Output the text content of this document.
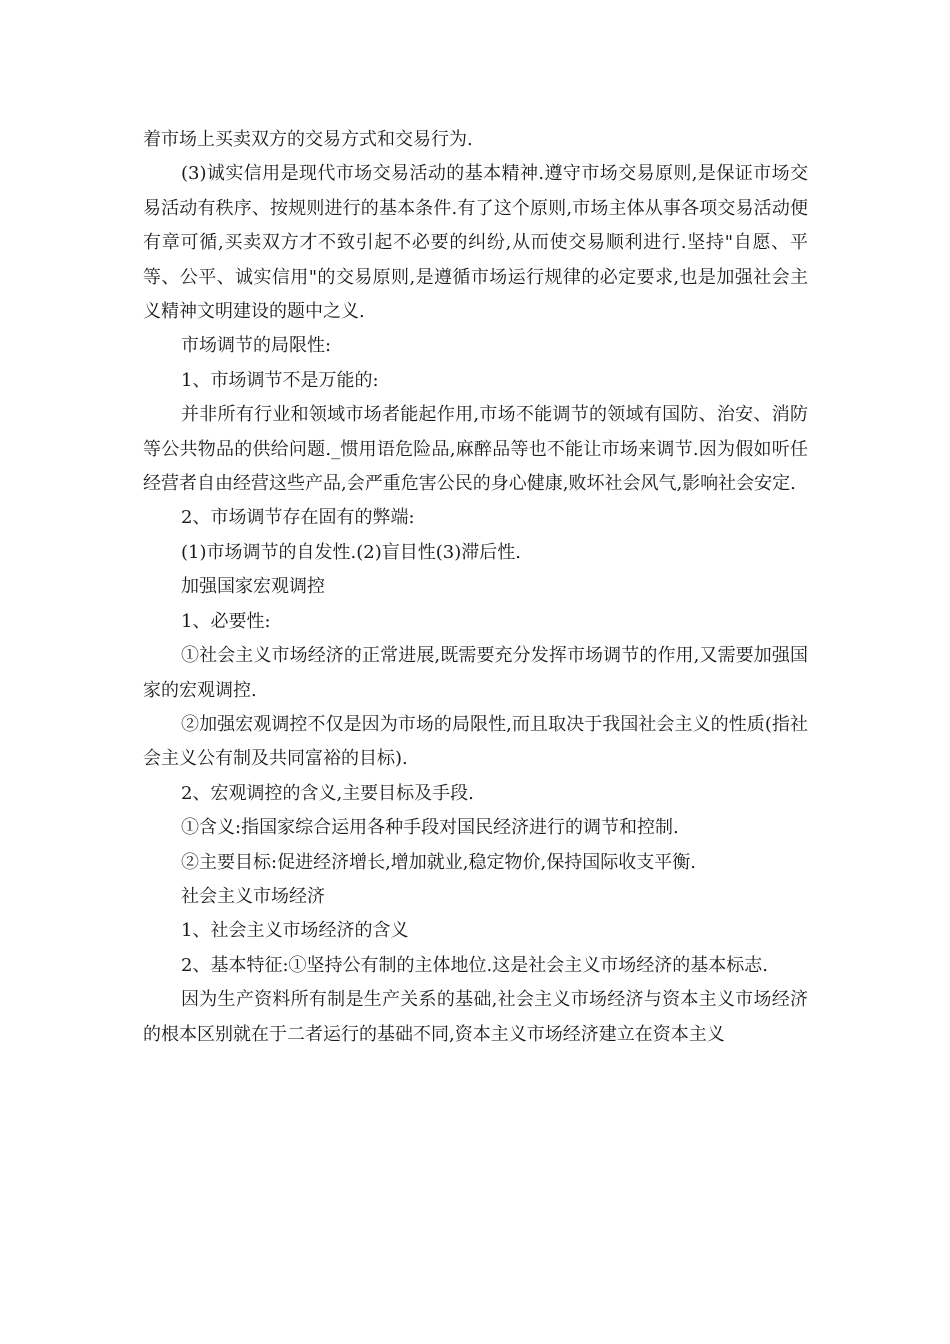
着市场上买卖双方的交易方式和交易行为.

(3)诚实信用是现代市场交易活动的基本精神.遵守市场交易原则,是保证市场交易活动有秩序、按规则进行的基本条件.有了这个原则,市场主体从事各项交易活动便有章可循,买卖双方才不致引起不必要的纠纷,从而使交易顺利进行.坚持"自愿、平等、公平、诚实信用"的交易原则,是遵循市场运行规律的必定要求,也是加强社会主义精神文明建设的题中之义.

市场调节的局限性:

1、市场调节不是万能的:

并非所有行业和领域市场者能起作用,市场不能调节的领域有国防、治安、消防等公共物品的供给问题._惯用语危险品,麻醉品等也不能让市场来调节.因为假如听任经营者自由经营这些产品,会严重危害公民的身心健康,败坏社会风气,影响社会安定.

2、市场调节存在固有的弊端:

(1)市场调节的自发性.(2)盲目性(3)滞后性.

加强国家宏观调控

1、必要性:

①社会主义市场经济的正常进展,既需要充分发挥市场调节的作用,又需要加强国家的宏观调控.

②加强宏观调控不仅是因为市场的局限性,而且取决于我国社会主义的性质(指社会主义公有制及共同富裕的目标).

2、宏观调控的含义,主要目标及手段.

①含义:指国家综合运用各种手段对国民经济进行的调节和控制.

②主要目标:促进经济增长,增加就业,稳定物价,保持国际收支平衡.

社会主义市场经济

1、社会主义市场经济的含义

2、基本特征:①坚持公有制的主体地位.这是社会主义市场经济的基本标志.

因为生产资料所有制是生产关系的基础,社会主义市场经济与资本主义市场经济的根本区别就在于二者运行的基础不同,资本主义市场经济建立在资本主义
